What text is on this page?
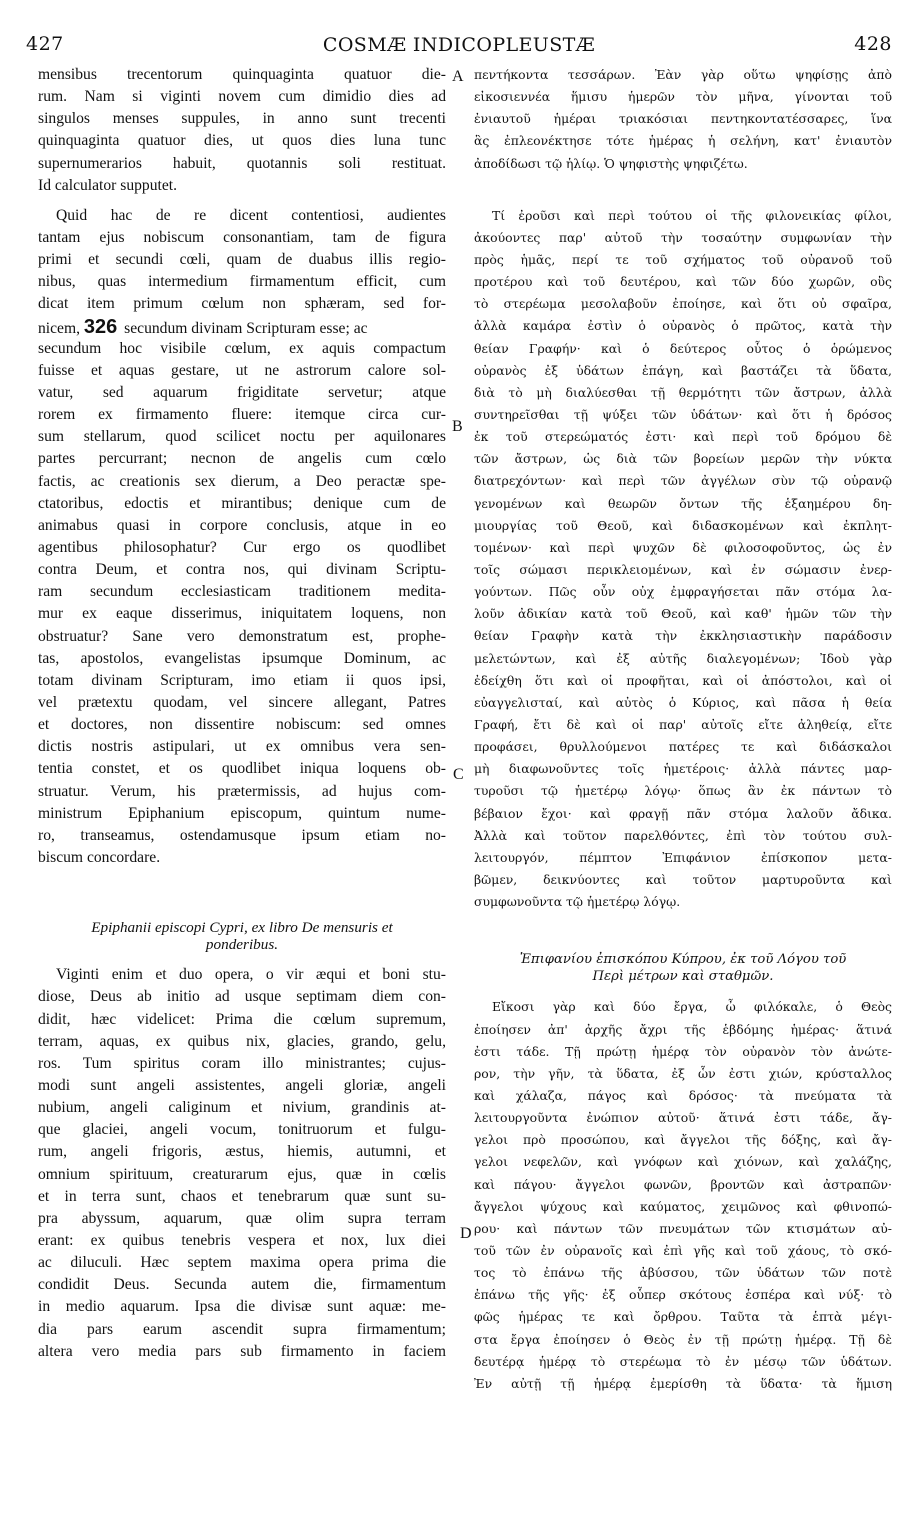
427	COSMÆ INDICOPLEUSTÆ	428
A
B
C
D
mensibus trecentorum quinquaginta quatuor die-
rum. Nam si viginti novem cum dimidio dies ad
singulos menses suppules, in anno sunt trecenti
quinquaginta quatuor dies, ut quos dies luna tunc
supernumerarios habuit, quotannis soli restituat.
Id calculator supputet.
Quid hac de re dicent contentiosi, audientes
tantam ejus nobiscum consonantiam, tam de figura
primi et secundi cœli, quam de duabus illis regio-
nibus, quas intermedium firmamentum efficit, cum
dicat item primum cœlum non sphæram, sed for-
nicem, 326 secundum divinam Scripturam esse; ac
secundum hoc visibile cœlum, ex aquis compactum
fuisse et aquas gestare, ut ne astrorum calore sol-
vatur, sed aquarum frigiditate servetur; atque
rorem ex firmamento fluere: itemque circa cur-
sum stellarum, quod scilicet noctu per aquilonares
partes percurrant; necnon de angelis cum cœlo
factis, ac creationis sex dierum, a Deo peractæ spe-
ctatoribus, edoctis et mirantibus; denique cum de
animabus quasi in corpore conclusis, atque in eo
agentibus philosophatur? Cur ergo os quodlibet
contra Deum, et contra nos, qui divinam Scriptu-
ram secundum ecclesiasticam traditionem medita-
mur ex eaque disserimus, iniquitatem loquens, non
obstruatur? Sane vero demonstratum est, prophe-
tas, apostolos, evangelistas ipsumque Dominum, ac
totam divinam Scripturam, imo etiam ii quos ipsi,
vel prætextu quodam, vel sincere allegant, Patres
et doctores, non dissentire nobiscum: sed omnes
dictis nostris astipulari, ut ex omnibus vera sen-
tentia constet, et os quodlibet iniqua loquens ob-
struatur. Verum, his prætermissis, ad hujus com-
ministrum Epiphanium episcopum, quintum nume-
ro, transeamus, ostendamusque ipsum etiam no-
biscum concordare.
Epiphanii episcopi Cypri, ex libro De mensuris et
ponderibus.
Viginti enim et duo opera, o vir æqui et boni stu-
diose, Deus ab initio ad usque septimam diem con-
didit, hæc videlicet: Prima die cœlum supremum,
terram, aquas, ex quibus nix, glacies, grando, gelu,
ros. Tum spiritus coram illo ministrantes; cujus-
modi sunt angeli assistentes, angeli gloriæ, angeli
nubium, angeli caliginum et nivium, grandinis at-
que glaciei, angeli vocum, tonitruorum et fulgu-
rum, angeli frigoris, æstus, hiemis, autumni, et
omnium spirituum, creaturarum ejus, quæ in cœlis
et in terra sunt, chaos et tenebrarum quæ sunt su-
pra abyssum, aquarum, quæ olim supra terram
erant: ex quibus tenebris vespera et nox, lux diei
ac diluculi. Hæc septem maxima opera prima die
condidit Deus. Secunda autem die, firmamentum
in medio aquarum. Ipsa die divisæ sunt aquæ: me-
dia pars earum ascendit supra firmamentum;
altera vero media pars sub firmamento in faciem
πεντήκοντα τεσσάρων. Ἐὰν γὰρ οὕτω ψηφίσῃς ἀπὸ
εἰκοσιεννέα ἥμισυ ἡμερῶν τὸν μῆνα, γίνονται τοῦ
ἐνιαυτοῦ ἡμέραι τριακόσιαι πεντηκοντατέσσαρες, ἵνα
ἃς ἐπλεονέκτησε τότε ἡμέρας ἡ σελήνη, κατ' ἐνιαυτὸν
ἀποδίδωσι τῷ ἡλίῳ. Ὁ ψηφιστὴς ψηφιζέτω.
Τί ἐροῦσι καὶ περὶ τούτου οἱ τῆς φιλονεικίας φίλοι,
ἀκούοντες παρ' αὐτοῦ τὴν τοσαύτην συμφωνίαν τὴν
πρὸς ἡμᾶς, περί τε τοῦ σχήματος τοῦ οὐρανοῦ τοῦ
προτέρου καὶ τοῦ δευτέρου, καὶ τῶν δύο χωρῶν, οὓς
τὸ στερέωμα μεσολαβοῦν ἐποίησε, καὶ ὅτι οὐ σφαῖρα,
ἀλλὰ καμάρα ἐστὶν ὁ οὐρανὸς ὁ πρῶτος, κατὰ τὴν
θείαν Γραφήν· καὶ ὁ δεύτερος οὗτος ὁ ὁρώμενος
οὐρανὸς ἐξ ὑδάτων ἐπάγη, καὶ βαστάζει τὰ ὕδατα,
διὰ τὸ μὴ διαλύεσθαι τῇ θερμότητι τῶν ἄστρων, ἀλλὰ
συντηρεῖσθαι τῇ ψύξει τῶν ὑδάτων· καὶ ὅτι ἡ δρόσος
ἐκ τοῦ στερεώματός ἐστι· καὶ περὶ τοῦ δρόμου δὲ
τῶν ἄστρων, ὡς διὰ τῶν βορείων μερῶν τὴν νύκτα
διατρεχόντων· καὶ περὶ τῶν ἀγγέλων σὺν τῷ οὐρανῷ
γενομένων καὶ θεωρῶν ὄντων τῆς ἑξαημέρου δη-
μιουργίας τοῦ Θεοῦ, καὶ διδασκομένων καὶ ἐκπλητ-
τομένων· καὶ περὶ ψυχῶν δὲ φιλοσοφοῦντος, ὡς ἐν
τοῖς σώμασι περικλειομένων, καὶ ἐν σώμασιν ἐνερ-
γούντων. Πῶς οὖν οὐχ ἐμφραγήσεται πᾶν στόμα λα-
λοῦν ἀδικίαν κατὰ τοῦ Θεοῦ, καὶ καθ' ἡμῶν τῶν τὴν
θείαν Γραφὴν κατὰ τὴν ἐκκλησιαστικὴν παράδοσιν
μελετώντων, καὶ ἐξ αὐτῆς διαλεγομένων; Ἰδοὺ γὰρ
ἐδείχθη ὅτι καὶ οἱ προφῆται, καὶ οἱ ἀπόστολοι, καὶ οἱ
εὐαγγελισταί, καὶ αὐτὸς ὁ Κύριος, καὶ πᾶσα ἡ θεία
Γραφή, ἔτι δὲ καὶ οἱ παρ' αὐτοῖς εἴτε ἀληθείᾳ, εἴτε
προφάσει, θρυλλούμενοι πατέρες τε καὶ διδάσκαλοι
μὴ διαφωνοῦντες τοῖς ἡμετέροις· ἀλλὰ πάντες μαρ-
τυροῦσι τῷ ἡμετέρῳ λόγῳ· ὅπως ἂν ἐκ πάντων τὸ
βέβαιον ἔχοι· καὶ φραγῇ πᾶν στόμα λαλοῦν ἄδικα.
Ἀλλὰ καὶ τοῦτον παρελθόντες, ἐπὶ τὸν τούτου συλ-
λειτουργόν, πέμπτον Ἐπιφάνιον ἐπίσκοπον μετα-
βῶμεν, δεικνύοντες καὶ τοῦτον μαρτυροῦντα καὶ
συμφωνοῦντα τῷ ἡμετέρῳ λόγῳ.
Ἐπιφανίου ἐπισκόπου Κύπρου, ἐκ τοῦ Λόγου τοῦ
Περὶ μέτρων καὶ σταθμῶν.
Εἴκοσι γὰρ καὶ δύο ἔργα, ὦ φιλόκαλε, ὁ Θεὸς
ἐποίησεν ἀπ' ἀρχῆς ἄχρι τῆς ἑβδόμης ἡμέρας· ἅτινά
ἐστι τάδε. Τῇ πρώτῃ ἡμέρᾳ τὸν οὐρανὸν τὸν ἀνώτε-
ρον, τὴν γῆν, τὰ ὕδατα, ἐξ ὧν ἐστι χιών, κρύσταλλος
καὶ χάλαζα, πάγος καὶ δρόσος· τὰ πνεύματα τὰ
λειτουργοῦντα ἐνώπιον αὐτοῦ· ἅτινά ἐστι τάδε, ἄγ-
γελοι πρὸ προσώπου, καὶ ἄγγελοι τῆς δόξης, καὶ ἄγ-
γελοι νεφελῶν, καὶ γνόφων καὶ χιόνων, καὶ χαλάζης,
καὶ πάγου· ἄγγελοι φωνῶν, βροντῶν καὶ ἀστραπῶν·
ἄγγελοι ψύχους καὶ καύματος, χειμῶνος καὶ φθινοπώ-
ρου· καὶ πάντων τῶν πνευμάτων τῶν κτισμάτων αὐ-
τοῦ τῶν ἐν οὐρανοῖς καὶ ἐπὶ γῆς καὶ τοῦ χάους, τὸ σκό-
τος τὸ ἐπάνω τῆς ἀβύσσου, τῶν ὑδάτων τῶν ποτὲ
ἐπάνω τῆς γῆς· ἐξ οὗπερ σκότους ἑσπέρα καὶ νύξ· τὸ
φῶς ἡμέρας τε καὶ ὄρθρου. Ταῦτα τὰ ἑπτὰ μέγι-
στα ἔργα ἐποίησεν ὁ Θεὸς ἐν τῇ πρώτῃ ἡμέρᾳ. Τῇ δὲ
δευτέρᾳ ἡμέρᾳ τὸ στερέωμα τὸ ἐν μέσῳ τῶν ὑδάτων.
Ἐν αὐτῇ τῇ ἡμέρᾳ ἐμερίσθη τὰ ὕδατα· τὰ ἥμιση
